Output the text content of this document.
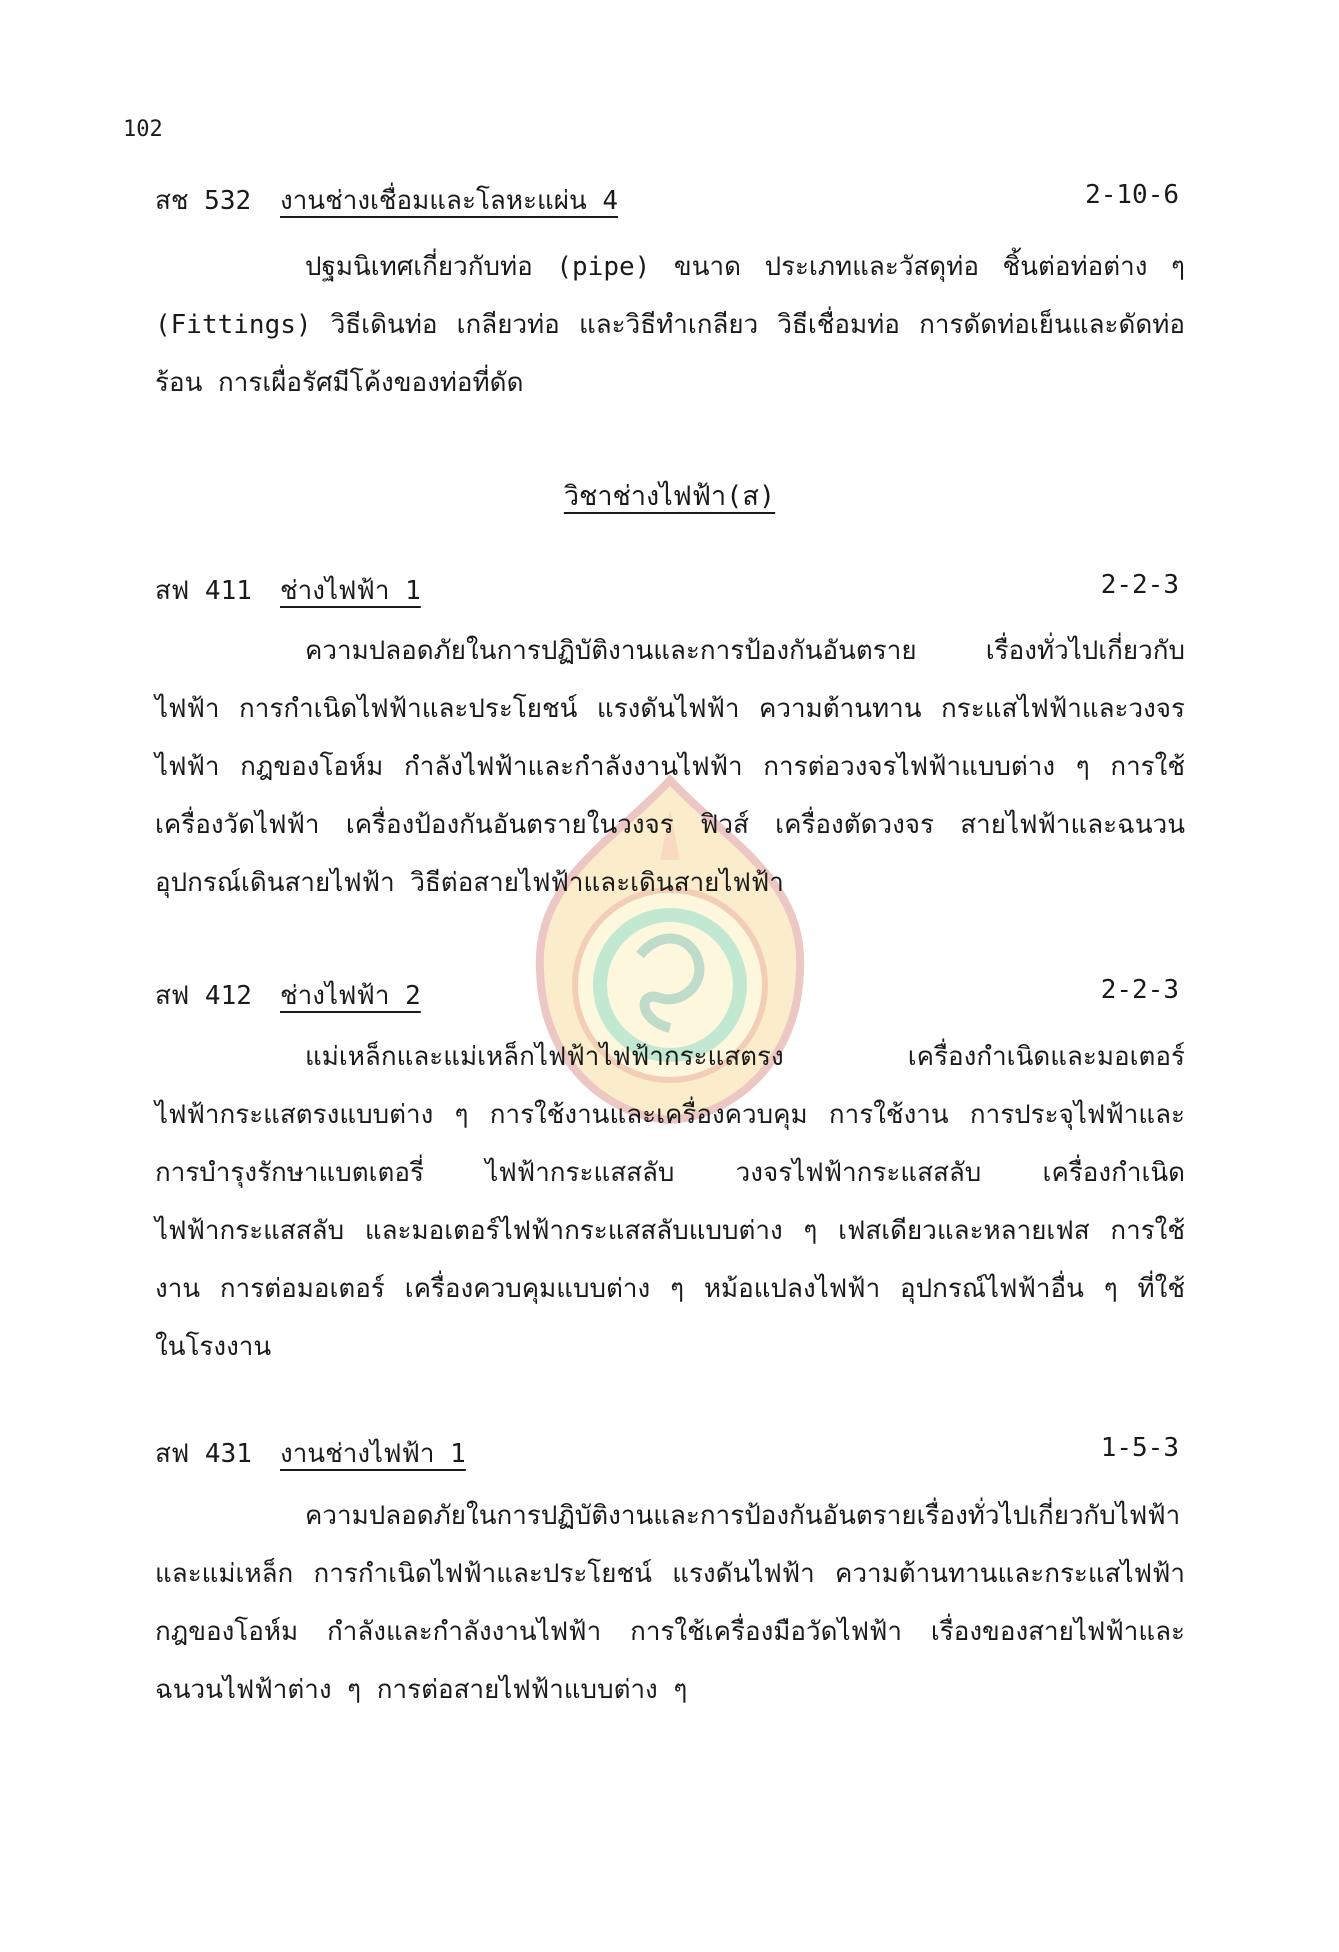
102
สช 532 งานช่างเชื่อมและโลหะแผ่น 4	2-10-6
ปฐมนิเทศเกี่ยวกับท่อ (pipe) ขนาด ประเภทและวัสดุท่อ ชิ้นต่อท่อต่าง ๆ (Fittings) วิธีเดินท่อ เกลียวท่อ และวิธีทำเกลียว วิธีเชื่อมท่อ การดัดท่อเย็นและดัดท่อร้อน การเผื่อรัศมีโค้งของท่อที่ดัด
วิชาช่างไฟฟ้า(ส)
สฟ 411 ช่างไฟฟ้า 1	2-2-3
ความปลอดภัยในการปฏิบัติงานและการป้องกันอันตราย เรื่องทั่วไปเกี่ยวกับไฟฟ้า การกำเนิดไฟฟ้าและประโยชน์ แรงดันไฟฟ้า ความต้านทาน กระแสไฟฟ้าและวงจรไฟฟ้า กฎของโอห์ม กำลังไฟฟ้าและกำลังงานไฟฟ้า การต่อวงจรไฟฟ้าแบบต่าง ๆ การใช้เครื่องวัดไฟฟ้า เครื่องป้องกันอันตรายในวงจร ฟิวส์ เครื่องตัดวงจร สายไฟฟ้าและฉนวน อุปกรณ์เดินสายไฟฟ้า วิธีต่อสายไฟฟ้าและเดินสายไฟฟ้า
สฟ 412 ช่างไฟฟ้า 2	2-2-3
แม่เหล็กและแม่เหล็กไฟฟ้าไฟฟ้ากระแสตรง เครื่องกำเนิดและมอเตอร์ไฟฟ้ากระแสตรงแบบต่าง ๆ การใช้งานและเครื่องควบคุม การใช้งาน การประจุไฟฟ้าและการบำรุงรักษาแบตเตอรี่ ไฟฟ้ากระแสสลับ วงจรไฟฟ้ากระแสสลับ เครื่องกำเนิดไฟฟ้ากระแสสลับ และมอเตอร์ไฟฟ้ากระแสสลับแบบต่าง ๆ เฟสเดียวและหลายเฟส การใช้งาน การต่อมอเตอร์ เครื่องควบคุมแบบต่าง ๆ หม้อแปลงไฟฟ้า อุปกรณ์ไฟฟ้าอื่น ๆ ที่ใช้ในโรงงาน
สฟ 431 งานช่างไฟฟ้า 1	1-5-3
ความปลอดภัยในการปฏิบัติงานและการป้องกันอันตรายเรื่องทั่วไปเกี่ยวกับไฟฟ้าและแม่เหล็ก การกำเนิดไฟฟ้าและประโยชน์ แรงดันไฟฟ้า ความต้านทานและกระแสไฟฟ้า กฎของโอห์ม กำลังและกำลังงานไฟฟ้า การใช้เครื่องมือวัดไฟฟ้า เรื่องของสายไฟฟ้าและฉนวนไฟฟ้าต่าง ๆ การต่อสายไฟฟ้าแบบต่าง ๆ
